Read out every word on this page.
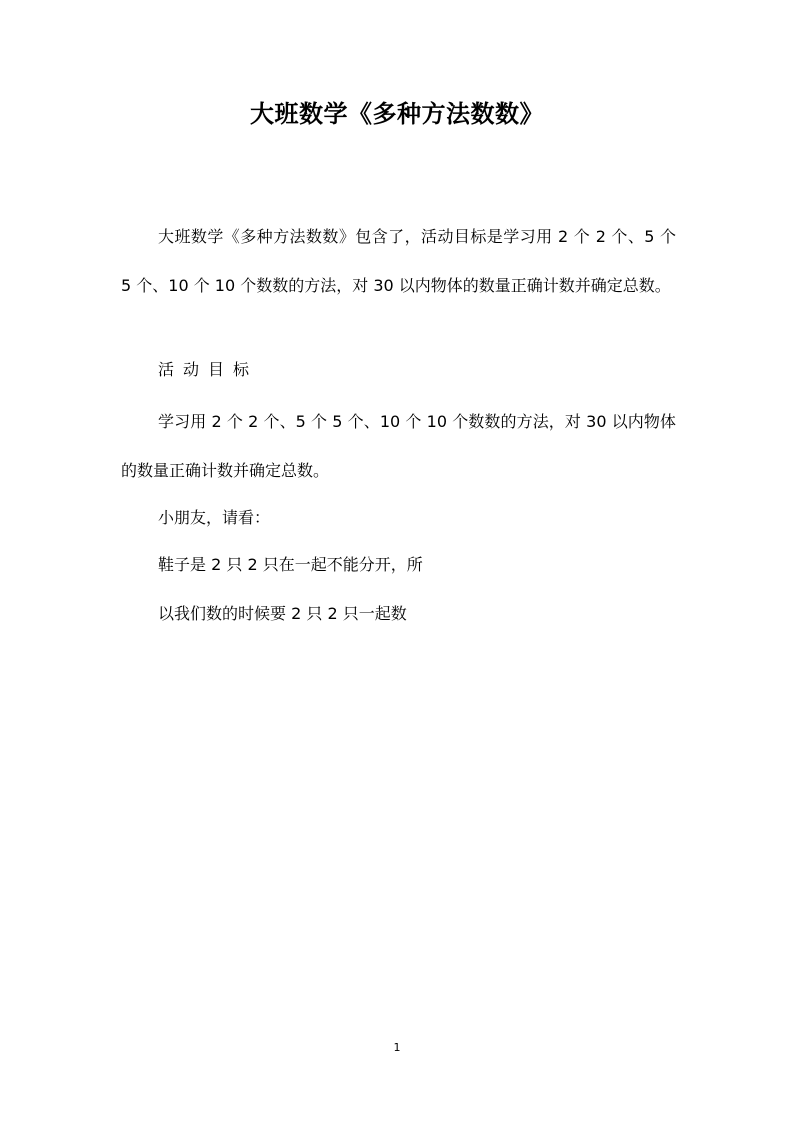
大班数学《多种方法数数》
大班数学《多种方法数数》包含了，活动目标是学习用 2 个 2 个、5 个 5 个、10 个 10 个数数的方法，对 30 以内物体的数量正确计数并确定总数。
活动目标
学习用 2 个 2 个、5 个 5 个、10 个 10 个数数的方法，对 30 以内物体的数量正确计数并确定总数。
小朋友，请看：
鞋子是 2 只 2 只在一起不能分开，所
以我们数的时候要 2 只 2 只一起数
1
